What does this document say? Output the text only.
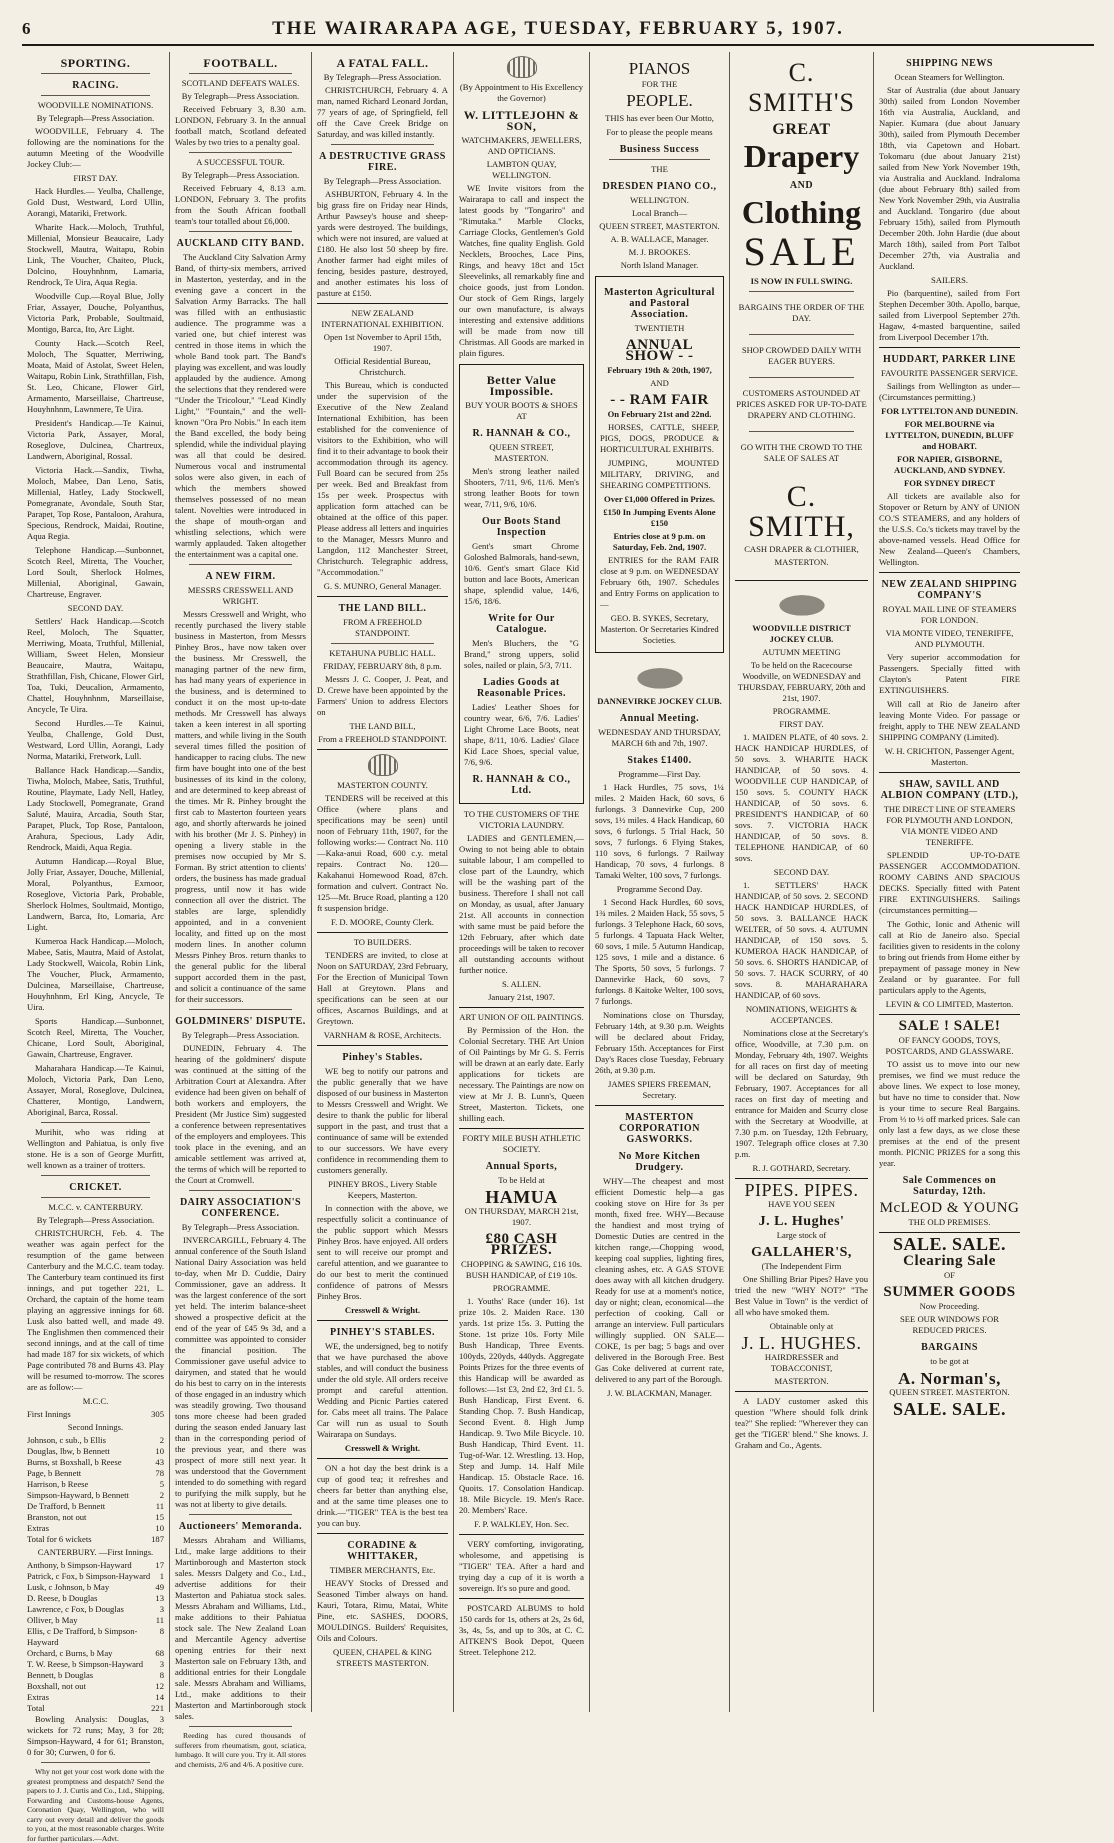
6	THE WAIRARAPA AGE, TUESDAY, FEBRUARY 5, 1907.
SPORTING.
RACING.
WOODVILLE NOMINATIONS.
By Telegraph—Press Association.

WOODVILLE, February 4. The following are the nominations for the autumn Meeting of the Woodville Jockey Club:—

FIRST DAY.

Hack Hurdles.— Yeulba, Challenge, Gold Dust, Westward, Lord Ullin, Aorangi, Matariki, Fretwork.

Wharite Hack.—Moloch, Truthful, Millenial, Monsieur Beaucaire, Lady Stockwell, Mautra, Waitapu, Robin Link, The Voucher, Chaiteo, Pluck, Dolcino, Houyhnhnm, Lamaria, Rendrock, Te Uira, Aqua Regia.

Woodville Cup.—Royal Blue, Jolly Friar, Assayer, Douche, Polyanthus, Victoria Park, Probable, Soultmaid, Montigo, Barca, Ito, Arc Light.

County Hack.—Scotch Reel, Moloch, The Squatter, Merriwing, Moata, Maid of Astolat, Sweet Helen, Waitapu, Robin Link, Strathfillan, Fish, St. Leo, Chicane, Flower Girl, Armamento, Marseillaise, Chartreuse, Houyhnhnm, Lawnmere, Te Uira.

President's Handicap.—Te Kainui, Victoria Park, Assayer, Moral, Roseglove, Dulcinea, Chartreux, Landwern, Aboriginal, Rossal.

Victoria Hack.—Sandix, Tiwha, Moloch, Mabee, Dan Leno, Satis, Millenial, Hatley, Lady Stockwell, Pomegranate, Avondale, South Star, Parapet, Top Rose, Pantaloon, Arahura, Specious, Rendrock, Maidai, Routine, Aqua Regia.

Telephone Handicap.—Sunbonnet, Scotch Reel, Miretta, The Voucher, Lord Soult, Sherlock Holmes, Millenial, Aboriginal, Gawain, Chartreuse, Engraver.

SECOND DAY.

Settlers' Hack Handicap.—Scotch Reel, Moloch, The Squatter, Merriwing, Moata, Truthful, Millenial, William, Sweet Helen, Monsieur Beaucaire, Mautra, Waitapu, Strathfillan, Fish, Chicane, Flower Girl, Toa, Tuki, Deucalion, Armamento, Chattel, Houyhnhnm, Marseillaise, Ancycle, Te Uira.

Second Hurdles.—Te Kainui, Yeulba, Challenge, Gold Dust, Westward, Lord Ullin, Aorangi, Lady Norma, Matariki, Fretwork, Lull.

Ballance Hack Handicap.—Sandix, Tiwha, Moloch, Mabee, Satis, Truthful, Routine, Playmate, Lady Nell, Hatley, Lady Stockwell, Pomegranate, Grand Saluté, Mauira, Arcadia, South Star, Parapet, Pluck, Top Rose, Pantaloon, Arahura, Specious, Lady Adir, Rendrock, Maidi, Aqua Regia.

Autumn Handicap.—Royal Blue, Jolly Friar, Assayer, Douche, Millenial, Moral, Polyanthus, Exmoor, Roseglove, Victoria Park, Probable, Sherlock Holmes, Soultmaid, Montigo, Landwern, Barca, Ito, Lomaria, Arc Light.

Kumeroa Hack Handicap.—Moloch, Mabee, Satis, Mautra, Maid of Astolat, Lady Stockwell, Waicola, Robin Link, The Voucher, Pluck, Armamento, Dulcinea, Marseillaise, Chartreuse, Houyhnhnm, Erl King, Ancycle, Te Uira.

Sports Handicap.—Sunbonnet, Scotch Reel, Miretta, The Voucher, Chicane, Lord Soult, Aboriginal, Gawain, Chartreuse, Engraver.

Maharahara Handicap.—Te Kainui, Moloch, Victoria Park, Dan Leno, Assayer, Moral, Roseglove, Dulcinea, Chatterer, Montigo, Landwern, Aboriginal, Barca, Rossal.

Murihit, who was riding at Wellington and Pahiatua, is only five stone. He is a son of George Murfitt, well known as a trainer of trotters.

CRICKET.
M.C.C. v. CANTERBURY.
By Telegraph—Press Association.

CHRISTCHURCH, Feb. 4. The weather was again perfect for the resumption of the game between Canterbury and the M.C.C. team today. The Canterbury team continued its first innings, and put together 221, L. Orchard, the captain of the home team playing an aggressive innings for 68. Lusk also batted well, and made 49. The Englishmen then commenced their second innings, and at the call of time had made 187 for six wickets, of which Page contributed 78 and Burns 43. Play will be resumed to-morrow. The scores are as follow:—

M.C.C.
First Innings	305
Second Innings.
Johnson, c sub., b Ellis	2
Douglas, lbw, b Bennett	10
Burns, st Boxshall, b Reese	43
Page, b Bennett	78
Harrison, b Reese	5
Simpson-Hayward, b Bennett	2
De Trafford, b Bennett	11
Branston, not out	15
Extras	10
Total for 6 wickets	187
CANTERBURY. —First Innings.
Anthony, b Simpson-Hayward	17
Patrick, c Fox, b Simpson-Hayward 1
Lusk, c Johnson, b May	49
D. Reese, b Douglas	13
Lawrence, c Fox, b Douglas	3
Olliver, b May	11
Ellis, c De Trafford, b Simpson-Hayward
8
Orchard, c Burns, b May	68
T. W. Reese, b Simpson-Hayward 3
Bennett, b Douglas	8
Boxshall, not out	12
Extras	14
Total	221

Bowling Analysis: Douglas, 3 wickets for 72 runs; May, 3 for 28; Simpson-Hayward, 4 for 61; Branston, 0 for 30; Curwen, 0 for 6.

Why not get your cost work done with the greatest promptness and despatch? Send the papers to J. J. Curtis and Co., Ltd., Shipping, Forwarding and Customs-house Agents, Coronation Quay, Wellington, who will carry out every detail and deliver the goods to you, at the most reasonable charges. Write for further particulars.—Advt.

FOOTBALL.
SCOTLAND DEFEATS WALES.
By Telegraph—Press Association.

Received February 3, 8.30 a.m. LONDON, February 3. In the annual football match, Scotland defeated Wales by two tries to a penalty goal.

A SUCCESSFUL TOUR.
By Telegraph—Press Association.

Received February 4, 8.13 a.m. LONDON, February 3. The profits from the South African football team's tour totalled about £6,000.

AUCKLAND CITY BAND.

The Auckland City Salvation Army Band, of thirty-six members, arrived in Masterton, yesterday, and in the evening gave a concert in the Salvation Army Barracks. The hall was filled with an enthusiastic audience. The programme was a varied one, but chief interest was centred in those items in which the whole Band took part. The Band's playing was excellent, and was loudly applauded by the audience. Among the selections that they rendered were "Under the Tricolour," "Lead Kindly Light," "Fountain," and the well-known "Ora Pro Nobis." In each item the Band excelled, the body being splendid, while the individual playing was all that could be desired. Numerous vocal and instrumental solos were also given, in each of which the members showed themselves possessed of no mean talent. Novelties were introduced in the shape of mouth-organ and whistling selections, which were warmly applauded. Taken altogether the entertainment was a capital one.

A NEW FIRM.
MESSRS CRESSWELL AND WRIGHT.

Messrs Cresswell and Wright, who recently purchased the livery stable business in Masterton, from Messrs Pinhey Bros., have now taken over the business. Mr Cresswell, the managing partner of the new firm, has had many years of experience in the business, and is determined to conduct it on the most up-to-date methods. Mr Cresswell has always taken a keen interest in all sporting matters, and while living in the South several times filled the position of handicapper to racing clubs. The new firm have bought into one of the best businesses of its kind in the colony, and are determined to keep abreast of the times. Mr R. Pinhey brought the first cab to Masterton fourteen years ago, and shortly afterwards he joined with his brother (Mr J. S. Pinhey) in opening a livery stable in the premises now occupied by Mr S. Forman. By strict attention to clients' orders, the business has made gradual progress, until now it has wide connection all over the district. The stables are large, splendidly appointed, and in a convenient locality, and fitted up on the most modern lines. In another column Messrs Pinhey Bros. return thanks to the general public for the liberal support accorded them in the past, and solicit a continuance of the same for their successors.

GOLDMINERS' DISPUTE.
By Telegraph—Press Association.

DUNEDIN, February 4. The hearing of the goldminers' dispute was continued at the sitting of the Arbitration Court at Alexandra. After evidence had been given on behalf of both workers and employers, the President (Mr Justice Sim) suggested a conference between representatives of the employers and employees. This took place in the evening, and an amicable settlement was arrived at, the terms of which will be reported to the Court at Cromwell.

DAIRY ASSOCIATION'S CONFERENCE.
By Telegraph—Press Association.

INVERCARGILL, February 4. The annual conference of the South Island National Dairy Association was held to-day, when Mr D. Cuddie, Dairy Commissioner, gave an address. It was the largest conference of the sort yet held. The interim balance-sheet showed a prospective deficit at the end of the year of £45 9s 3d, and a committee was appointed to consider the financial position. The Commissioner gave useful advice to dairymen, and stated that he would do his best to carry on in the interests of those engaged in an industry which was steadily growing. Two thousand tons more cheese had been graded during the season ended January last than in the corresponding period of the previous year, and there was prospect of more still next year. It was understood that the Government intended to do something with regard to purifying the milk supply, but he was not at liberty to give details.

Auctioneers' Memoranda.

Messrs Abraham and Williams, Ltd., make large additions to their Martinborough and Masterton stock sales. Messrs Dalgety and Co., Ltd., advertise additions for their Masterton and Pahiatua stock sales. Messrs Abraham and Williams, Ltd., make additions to their Pahiatua stock sale. The New Zealand Loan and Mercantile Agency advertise opening entries for their next Masterton sale on February 13th, and additional entries for their Longdale sale. Messrs Abraham and Williams, Ltd., make additions to their Masterton and Martinborough stock sales.

Reeding has cured thousands of sufferers from rheumatism, gout, sciatica, lumbago. It will cure you. Try it. All stores and chemists, 2/6 and 4/6. A positive cure.

A FATAL FALL.
By Telegraph—Press Association.

CHRISTCHURCH, February 4. A man, named Richard Leonard Jordan, 77 years of age, of Springfield, fell off the Cave Creek Bridge on Saturday, and was killed instantly.

A DESTRUCTIVE GRASS FIRE.
By Telegraph—Press Association.

ASHBURTON, February 4. In the big grass fire on Friday near Hinds, Arthur Pawsey's house and sheep-yards were destroyed. The buildings, which were not insured, are valued at £180. He also lost 50 sheep by fire. Another farmer had eight miles of fencing, besides pasture, destroyed, and another estimates his loss of pasture at £150.

NEW ZEALAND INTERNATIONAL EXHIBITION.
Open 1st November to April 15th, 1907.
Official Residential Bureau, Christchurch.

This Bureau, which is conducted under the supervision of the Executive of the New Zealand International Exhibition, has been established for the convenience of visitors to the Exhibition, who will find it to their advantage to book their accommodation through its agency. Full Board can be secured from 25s per week. Bed and Breakfast from 15s per week. Prospectus with application form attached can be obtained at the office of this paper. Please address all letters and inquiries to the Manager, Messrs Munro and Langdon, 112 Manchester Street, Christchurch. Telegraphic address, "Accommodation."

G. S. MUNRO, General Manager.
THE LAND BILL.
FROM A FREEHOLD STANDPOINT.
KETAHUNA PUBLIC HALL.
FRIDAY, FEBRUARY 8th, 8 p.m.

Messrs J. C. Cooper, J. Peat, and D. Crewe have been appointed by the Farmers' Union to address Electors on

THE LAND BILL,
From a FREEHOLD STANDPOINT.
MASTERTON COUNTY.

TENDERS will be received at this Office (where plans and specifications may be seen) until noon of February 11th, 1907, for the following works:— Contract No. 110—Kaka-anui Road, 600 c.y. metal repairs. Contract No. 120—Kakahanui Homewood Road, 87ch. formation and culvert. Contract No. 125—Mt. Bruce Road, planting a 120 ft suspension bridge.

F. D. MOORE, County Clerk.
TO BUILDERS.

TENDERS are invited, to close at Noon on SATURDAY, 23rd February, For the Erection of Municipal Town Hall at Greytown. Plans and specifications can be seen at our offices, Ascarnos Buildings, and at Greytown.

VARNHAM & ROSE, Architects.
Pinhey's Stables.

WE beg to notify our patrons and the public generally that we have disposed of our business in Masterton to Messrs Cresswell and Wright. We desire to thank the public for liberal support in the past, and trust that a continuance of same will be extended to our successors. We have every confidence in recommending them to customers generally.

PINHEY BROS., Livery Stable Keepers, Masterton.

In connection with the above, we respectfully solicit a continuance of the public support which Messrs Pinhey Bros. have enjoyed. All orders sent to will receive our prompt and careful attention, and we guarantee to do our best to merit the continued confidence of patrons of Messrs Pinhey Bros.

Cresswell & Wright.
PINHEY'S STABLES.

WE, the undersigned, beg to notify that we have purchased the above stables, and will conduct the business under the old style. All orders receive prompt and careful attention. Wedding and Picnic Parties catered for. Cabs meet all trains. The Palace Car will run as usual to South Wairarapa on Sundays.

Cresswell & Wright.

ON a hot day the best drink is a cup of good tea; it refreshes and cheers far better than anything else, and at the same time pleases one to drink.—"TIGER" TEA is the best tea you can buy.

CORADINE & WHITTAKER,
TIMBER MERCHANTS, Etc.

HEAVY Stocks of Dressed and Seasoned Timber always on hand. Kauri, Totara, Rimu, Matai, White Pine, etc. SASHES, DOORS, MOULDINGS. Builders' Requisites, Oils and Colours.

QUEEN, CHAPEL & KING STREETS MASTERTON.
(By Appointment to His Excellency the Governor)
W. LITTLEJOHN & SON,
WATCHMAKERS, JEWELLERS, AND OPTICIANS.
LAMBTON QUAY, WELLINGTON.

WE Invite visitors from the Wairarapa to call and inspect the latest goods by "Tongariro" and "Rimutaka." Marble Clocks, Carriage Clocks, Gentlemen's Gold Watches, fine quality English. Gold Necklets, Brooches, Lace Pins, Rings, and heavy 18ct and 15ct Sleevelinks, all remarkably fine and choice goods, just from London. Our stock of Gem Rings, largely our own manufacture, is always interesting and extensive additions will be made from now till Christmas. All Goods are marked in plain figures.

Better Value Impossible.
BUY YOUR BOOTS & SHOES AT
R. HANNAH & CO.,
QUEEN STREET, MASTERTON.

Men's strong leather nailed Shooters, 7/11, 9/6, 11/6. Men's strong leather Boots for town wear, 7/11, 9/6, 10/6.

Our Boots Stand Inspection

Gent's smart Chrome Goloshed Balmorals, hand-sewn, 10/6. Gent's smart Glace Kid button and lace Boots, American shape, splendid value, 14/6, 15/6, 18/6.

Write for Our Catalogue.

Men's Bluchers, the "G Brand," strong uppers, solid soles, nailed or plain, 5/3, 7/11.

Ladies Goods at Reasonable Prices.

Ladies' Leather Shoes for country wear, 6/6, 7/6. Ladies' Light Chrome Lace Boots, neat shape, 8/11, 10/6. Ladies' Glace Kid Lace Shoes, special value, 7/6, 9/6.

R. HANNAH & CO., Ltd.
TO THE CUSTOMERS OF THE VICTORIA LAUNDRY.

LADIES and GENTLEMEN,—Owing to not being able to obtain suitable labour, I am compelled to close part of the Laundry, which will be the washing part of the business. Therefore I shall not call on Monday, as usual, after January 21st. All accounts in connection with same must be paid before the 12th February, after which date proceedings will be taken to recover all outstanding accounts without further notice.

S. ALLEN.
January 21st, 1907.
ART UNION OF OIL PAINTINGS.

By Permission of the Hon. the Colonial Secretary. THE Art Union of Oil Paintings by Mr G. S. Ferris will be drawn at an early date. Early applications for tickets are necessary. The Paintings are now on view at Mr J. B. Lunn's, Queen Street, Masterton. Tickets, one shilling each.

FORTY MILE BUSH ATHLETIC SOCIETY.
Annual Sports,
To be Held at
HAMUA
ON THURSDAY, MARCH 21st, 1907.
£80 CASH PRIZES.
CHOPPING & SAWING, £16 10s. BUSH HANDICAP, of £19 10s.
PROGRAMME.

1. Youths' Race (under 16). 1st prize 10s. 2. Maiden Race. 130 yards. 1st prize 15s. 3. Putting the Stone. 1st prize 10s. Forty Mile Bush Handicap, Three Events. 100yds, 220yds, 440yds. Aggregate Points Prizes for the three events of this Handicap will be awarded as follows:—1st £3, 2nd £2, 3rd £1. 5. Bush Handicap, First Event. 6. Standing Chop. 7. Bush Handicap, Second Event. 8. High Jump Handicap. 9. Two Mile Bicycle. 10. Bush Handicap, Third Event. 11. Tug-of-War. 12. Wrestling. 13. Hop, Step and Jump. 14. Half Mile Handicap. 15. Obstacle Race. 16. Quoits. 17. Consolation Handicap. 18. Mile Bicycle. 19. Men's Race. 20. Members' Race.

F. P. WALKLEY, Hon. Sec.

VERY comforting, invigorating, wholesome, and appetising is "TIGER" TEA. After a hard and trying day a cup of it is worth a sovereign. It's so pure and good.

POSTCARD ALBUMS to hold 150 cards for 1s, others at 2s, 2s 6d, 3s, 4s, 5s, and up to 30s, at C. C. AITKEN'S Book Depot, Queen Street. Telephone 212.

PIANOS
FOR THE
PEOPLE.

THIS has ever been Our Motto,

For to please the people means
Business Success
THE
DRESDEN PIANO CO.,
WELLINGTON.
Local Branch—
QUEEN STREET, MASTERTON.
A. B. WALLACE, Manager.
M. J. BROOKES.
North Island Manager.
Masterton Agricultural and Pastoral Association.
TWENTIETH
ANNUAL SHOW - -
February 19th & 20th, 1907,
AND
- - RAM FAIR
On February 21st and 22nd.

HORSES, CATTLE, SHEEP, PIGS, DOGS, PRODUCE & HORTICULTURAL EXHIBITS.

JUMPING, MOUNTED MILITARY, DRIVING, and SHEARING COMPETITIONS.

Over £1,000 Offered in Prizes.
£150 In Jumping Events Alone £150
Entries close at 9 p.m. on Saturday, Feb. 2nd, 1907.

ENTRIES for the RAM FAIR close at 9 p.m. on WEDNESDAY February 6th, 1907. Schedules and Entry Forms on application to—

GEO. B. SYKES, Secretary, Masterton. Or Secretaries Kindred Societies.
DANNEVIRKE JOCKEY CLUB.
Annual Meeting.
WEDNESDAY AND THURSDAY, MARCH 6th and 7th, 1907.
Stakes £1400.
Programme—First Day.

1 Hack Hurdles, 75 sovs, 1¼ miles. 2 Maiden Hack, 60 sovs, 6 furlongs. 3 Dannevirke Cup, 200 sovs, 1½ miles. 4 Hack Handicap, 60 sovs, 6 furlongs. 5 Trial Hack, 50 sovs, 7 furlongs. 6 Flying Stakes, 110 sovs, 6 furlongs. 7 Railway Handicap, 70 sovs, 4 furlongs. 8 Tamaki Welter, 100 sovs, 7 furlongs.

Programme Second Day.

1 Second Hack Hurdles, 60 sovs, 1¾ miles. 2 Maiden Hack, 55 sovs, 5 furlongs. 3 Telephone Hack, 60 sovs, 5 furlongs. 4 Tapuata Hack Welter, 60 sovs, 1 mile. 5 Autumn Handicap, 125 sovs, 1 mile and a distance. 6 The Sports, 50 sovs, 5 furlongs. 7 Dannevirke Hack, 60 sovs, 7 furlongs. 8 Kaitoke Welter, 100 sovs, 7 furlongs.

Nominations close on Thursday, February 14th, at 9.30 p.m. Weights will be declared about Friday, February 15th. Acceptances for First Day's Races close Tuesday, February 26th, at 9.30 p.m.

JAMES SPIERS FREEMAN, Secretary.
MASTERTON CORPORATION GASWORKS.
No More Kitchen Drudgery.

WHY—The cheapest and most efficient Domestic help—a gas cooking stove on Hire for 3s per month, fixed free. WHY—Because the handiest and most trying of Domestic Duties are centred in the kitchen range,—Chopping wood, keeping coal supplies, lighting fires, cleaning ashes, etc. A GAS STOVE does away with all kitchen drudgery. Ready for use at a moment's notice, day or night; clean, economical—the perfection of cooking. Call or arrange an interview. Full particulars willingly supplied. ON SALE—COKE, 1s per bag; 5 bags and over delivered in the Borough Free. Best Gas Coke delivered at current rate, delivered to any part of the Borough.

J. W. BLACKMAN, Manager.
C. SMITH'S
GREAT
Drapery
AND
Clothing
SALE
IS NOW IN FULL SWING.
BARGAINS THE ORDER OF THE DAY.
SHOP CROWDED DAILY WITH EAGER BUYERS.
CUSTOMERS ASTOUNDED AT PRICES ASKED FOR UP-TO-DATE DRAPERY AND CLOTHING.
GO WITH THE CROWD TO THE SALE OF SALES AT
C. SMITH,
CASH DRAPER & CLOTHIER,
MASTERTON.
WOODVILLE DISTRICT JOCKEY CLUB.
AUTUMN MEETING
To be held on the Racecourse Woodville, on WEDNESDAY and THURSDAY, FEBRUARY, 20th and 21st, 1907.
PROGRAMME.
FIRST DAY.

1. MAIDEN PLATE, of 40 sovs. 2. HACK HANDICAP HURDLES, of 50 sovs. 3. WHARITE HACK HANDICAP, of 50 sovs. 4. WOODVILLE CUP HANDICAP, of 150 sovs. 5. COUNTY HACK HANDICAP, of 50 sovs. 6. PRESIDENT'S HANDICAP, of 60 sovs. 7. VICTORIA HACK HANDICAP, of 50 sovs. 8. TELEPHONE HANDICAP, of 60 sovs.

SECOND DAY.

1. SETTLERS' HACK HANDICAP, of 50 sovs. 2. SECOND HACK HANDICAP HURDLES, of 50 sovs. 3. BALLANCE HACK WELTER, of 50 sovs. 4. AUTUMN HANDICAP, of 150 sovs. 5. KUMEROA HACK HANDICAP, of 50 sovs. 6. SHORTS HANDICAP, of 50 sovs. 7. HACK SCURRY, of 40 sovs. 8. MAHARAHARA HANDICAP, of 60 sovs.

NOMINATIONS, WEIGHTS & ACCEPTANCES.

Nominations close at the Secretary's office, Woodville, at 7.30 p.m. on Monday, February 4th, 1907. Weights for all races on first day of meeting will be declared on Saturday, 9th February, 1907. Acceptances for all races on first day of meeting and entrance for Maiden and Scurry close with the Secretary at Woodville, at 7.30 p.m. on Tuesday, 12th February, 1907. Telegraph office closes at 7.30 p.m.

R. J. GOTHARD, Secretary.
PIPES. PIPES.
HAVE YOU SEEN
J. L. Hughes'
Large stock of
GALLAHER'S,
(The Independent Firm

One Shilling Briar Pipes? Have you tried the new "WHY NOT?" "The Best Value in Town" is the verdict of all who have smoked them.

Obtainable only at
J. L. HUGHES.
HAIRDRESSER and TOBACCONIST,
MASTERTON.

A LADY customer asked this question "Where should folk drink tea?" She replied: "Wherever they can get the 'TIGER' blend." She knows. J. Graham and Co., Agents.

SHIPPING NEWS
Ocean Steamers for Wellington.

Star of Australia (due about January 30th) sailed from London November 16th via Australia, Auckland, and Napier. Kumara (due about January 30th), sailed from Plymouth December 18th, via Capetown and Hobart. Tokomaru (due about January 21st) sailed from New York November 19th, via Australia and Auckland. Indraloma (due about February 8th) sailed from New York November 29th, via Australia and Auckland. Tongariro (due about February 15th), sailed from Plymouth December 20th. John Hardie (due about March 18th), sailed from Port Talbot December 27th, via Australia and Auckland.

SAILERS.

Pio (barquentine), sailed from Fort Stephen December 30th. Apollo, barque, sailed from Liverpool September 27th. Hagaw, 4-masted barquentine, sailed from Liverpool December 17th.

HUDDART, PARKER LINE
FAVOURITE PASSENGER SERVICE.

Sailings from Wellington as under—(Circumstances permitting.)

FOR LYTTELTON AND DUNEDIN.
FOR MELBOURNE via LYTTELTON, DUNEDIN, BLUFF and HOBART.
FOR NAPIER, GISBORNE, AUCKLAND, AND SYDNEY.
FOR SYDNEY DIRECT

All tickets are available also for Stopover or Return by ANY of UNION CO.'S STEAMERS, and any holders of the U.S.S. Co.'s tickets may travel by the above-named vessels. Head Office for New Zealand—Queen's Chambers, Wellington.

NEW ZEALAND SHIPPING COMPANY'S
ROYAL MAIL LINE OF STEAMERS FOR LONDON.
VIA MONTE VIDEO, TENERIFFE, AND PLYMOUTH.

Very superior accommodation for Passengers. Specially fitted with Clayton's Patent FIRE EXTINGUISHERS.

Will call at Rio de Janeiro after leaving Monte Video. For passage or freight, apply to THE NEW ZEALAND SHIPPING COMPANY (Limited).

W. H. CRICHTON, Passenger Agent, Masterton.
SHAW, SAVILL AND ALBION COMPANY (LTD.),
THE DIRECT LINE OF STEAMERS FOR PLYMOUTH AND LONDON, VIA MONTE VIDEO AND TENERIFFE.

SPLENDID UP-TO-DATE PASSENGER ACCOMMODATION. ROOMY CABINS AND SPACIOUS DECKS. Specially fitted with Patent FIRE EXTINGUISHERS. Sailings (circumstances permitting—

The Gothic, Ionic and Athenic will call at Rio de Janeiro also. Special facilities given to residents in the colony to bring out friends from Home either by prepayment of passage money in New Zealand or by guarantee. For full particulars apply to the Agents,

LEVIN & CO LIMITED, Masterton.
SALE ! SALE!
OF FANCY GOODS, TOYS, POSTCARDS, AND GLASSWARE.

TO assist us to move into our new premises, we find we must reduce the above lines. We expect to lose money, but have no time to consider that. Now is your time to secure Real Bargains. From ⅓ to ½ off marked prices. Sale can only last a few days, as we close these premises at the end of the present month. PICNIC PRIZES for a song this year.

Sale Commences on Saturday, 12th.
McLEOD & YOUNG
THE OLD PREMISES.
SALE. SALE.
Clearing Sale
OF
SUMMER GOODS
Now Proceeding.
SEE OUR WINDOWS FOR REDUCED PRICES.
BARGAINS
to be got at
A. Norman's,
QUEEN STREET. MASTERTON.
SALE. SALE.
